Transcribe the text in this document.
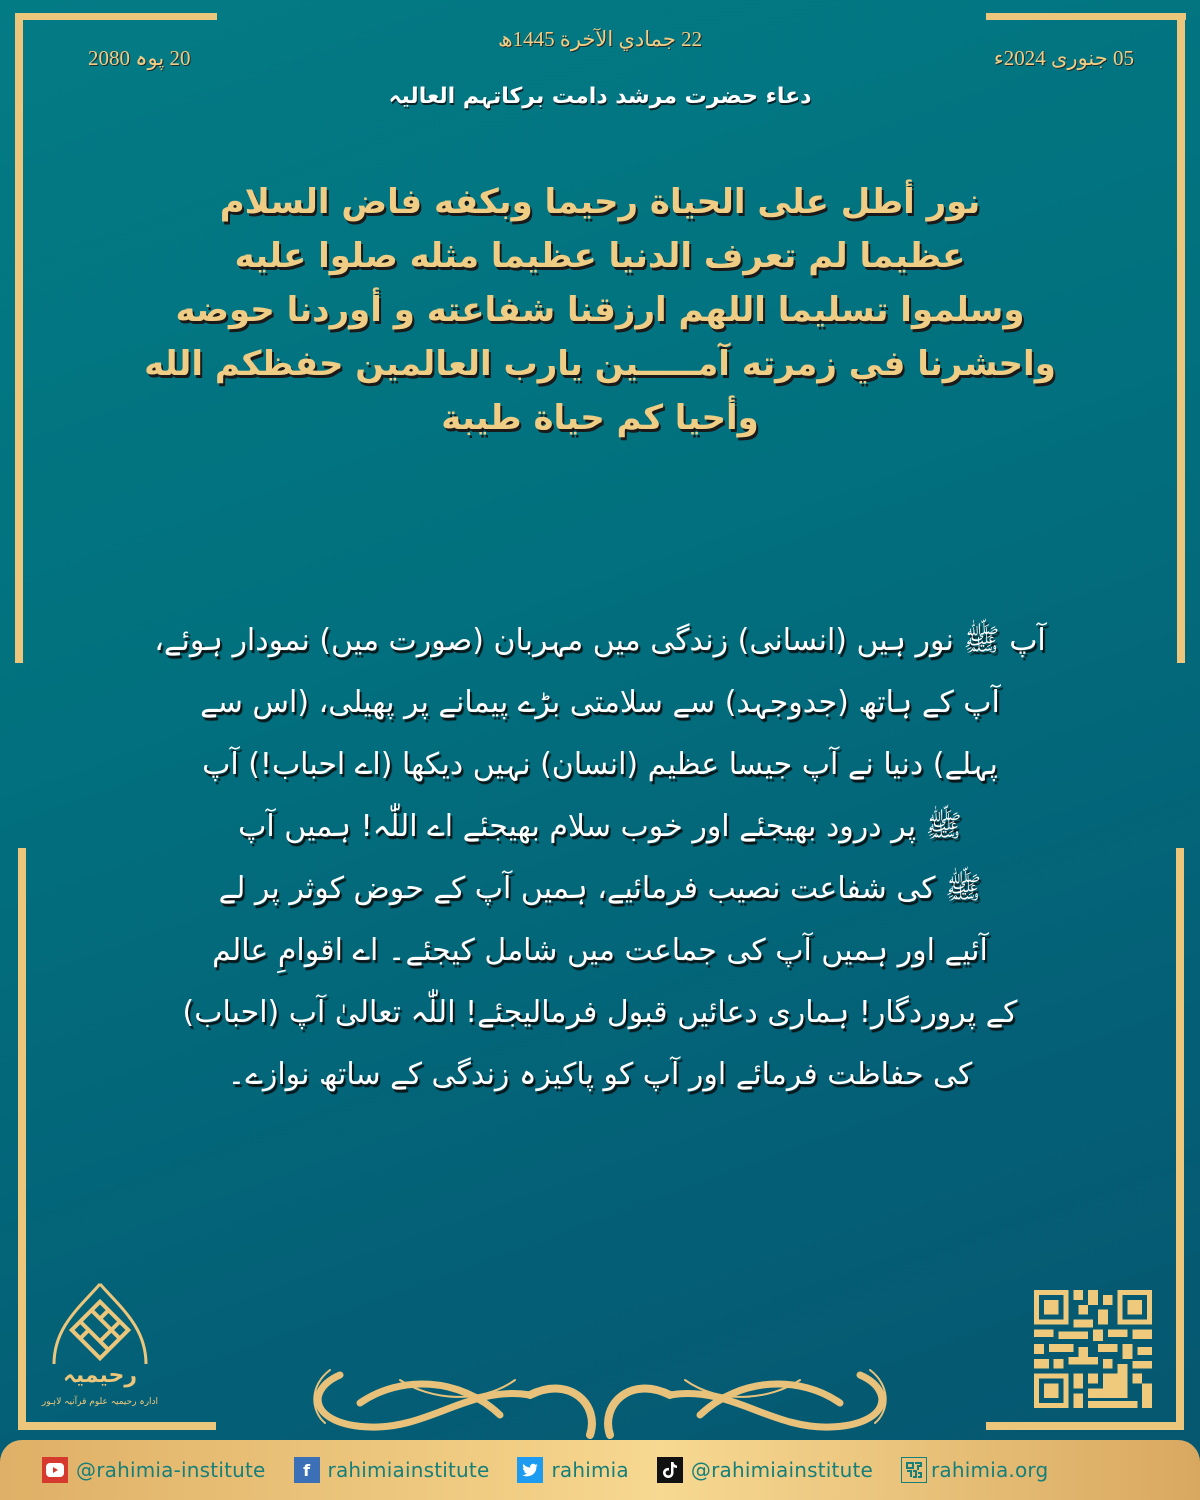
20 پوہ 2080
22 جمادي الآخرة 1445ھ
05 جنوری 2024ء
دعاء حضرت مرشد دامت برکاتہم العالیہ
نور أطل على الحياة رحيما وبكفه فاض السلام
عظيما لم تعرف الدنيا عظيما مثله صلوا عليه
وسلموا تسليما اللهم ارزقنا شفاعته و أوردنا حوضه
واحشرنا في زمرته آمـــــين يارب العالمين حفظكم الله
وأحيا كم حياة طيبة
آپ ﷺ نور ہیں (انسانی) زندگی میں مہربان (صورت میں) نمودار ہوئے،
آپ کے ہاتھ (جدوجہد) سے سلامتی بڑے پیمانے پر پھیلی، (اس سے
پہلے) دنیا نے آپ جیسا عظیم (انسان) نہیں دیکھا (اے احباب!) آپ
ﷺ پر درود بھیجئے اور خوب سلام بھیجئے اے اللّٰہ! ہمیں آپ
ﷺ کی شفاعت نصیب فرمائیے، ہمیں آپ کے حوض کوثر پر لے
آئیے اور ہمیں آپ کی جماعت میں شامل کیجئے۔ اے اقوامِ عالم
کے پروردگار! ہماری دعائیں قبول فرمالیجئے! اللّٰہ تعالیٰ آپ (احباب)
کی حفاظت فرمائے اور آپ کو پاکیزہ زندگی کے ساتھ نوازے۔
رحیمیہ
ادارہ رحیمیہ علوم قرآنیہ لاہور
@rahimia-institute	f rahimiainstitute	rahimia	@rahimiainstitute	rahimia.org
